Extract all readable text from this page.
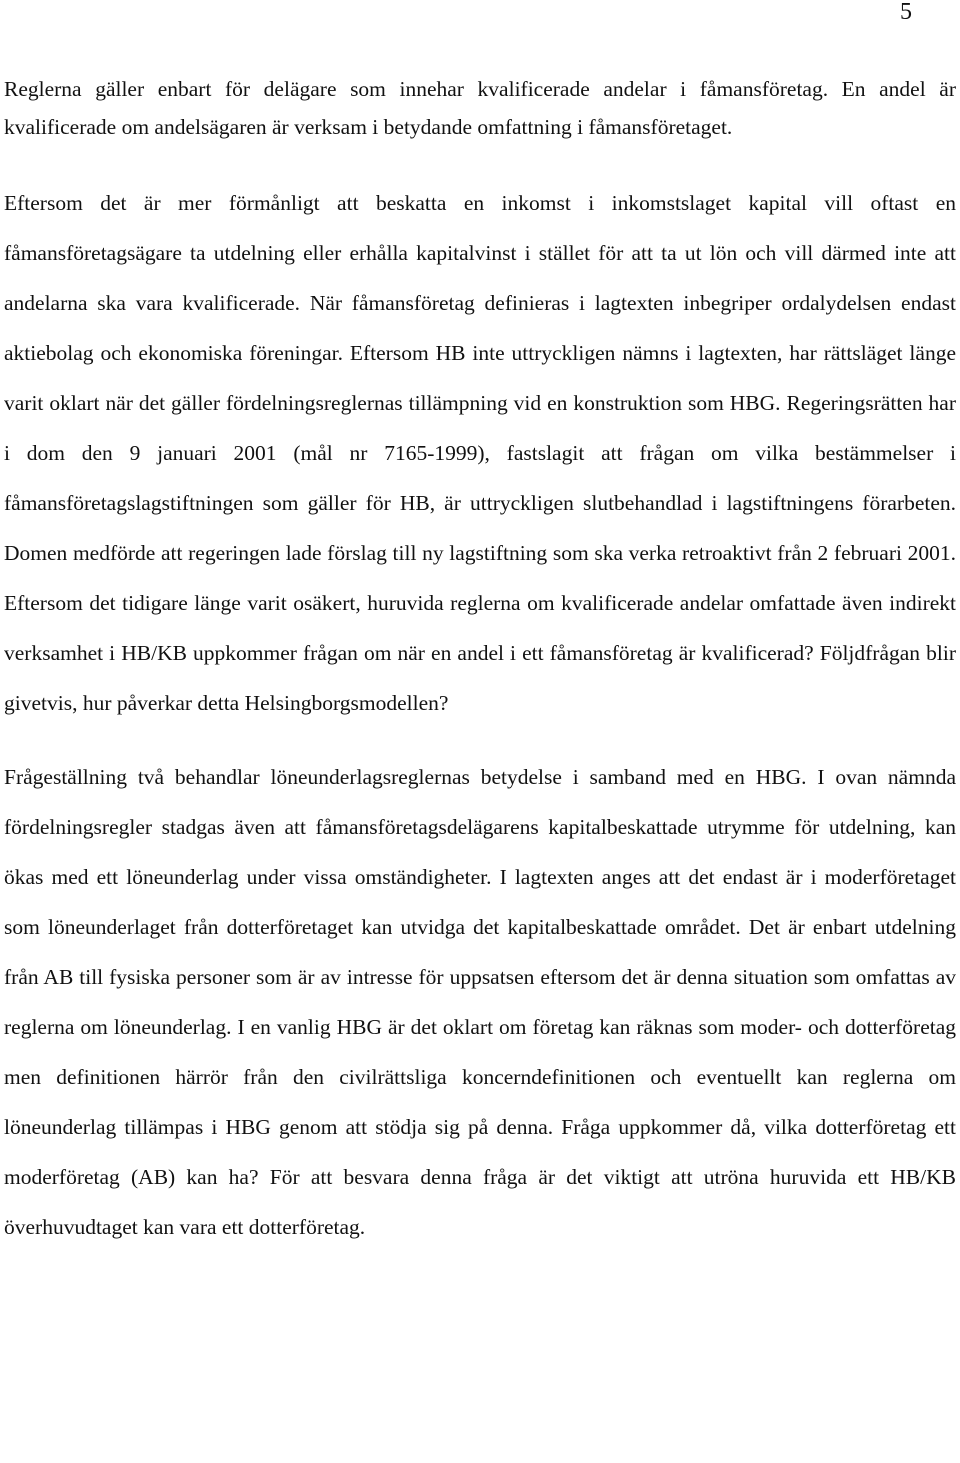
5

Reglerna gäller enbart för delägare som innehar kvalificerade andelar i fåmansföretag. En andel är kvalificerade om andelsägaren är verksam i betydande omfattning i fåmansföretaget.

Eftersom det är mer förmånligt att beskatta en inkomst i inkomstslaget kapital vill oftast en fåmansföretagsägare ta utdelning eller erhålla kapitalvinst i stället för att ta ut lön och vill därmed inte att andelarna ska vara kvalificerade. När fåmansföretag definieras i lagtexten inbegriper ordalydelsen endast aktiebolag och ekonomiska föreningar. Eftersom HB inte uttryckligen nämns i lagtexten, har rättsläget länge varit oklart när det gäller fördelningsreglernas tillämpning vid en konstruktion som HBG. Regeringsrätten har i dom den 9 januari 2001 (mål nr 7165-1999), fastslagit att frågan om vilka bestämmelser i fåmansföretagslagstiftningen som gäller för HB, är uttryckligen slutbehandlad i lagstiftningens förarbeten. Domen medförde att regeringen lade förslag till ny lagstiftning som ska verka retroaktivt från 2 februari 2001. Eftersom det tidigare länge varit osäkert, huruvida reglerna om kvalificerade andelar omfattade även indirekt verksamhet i HB/KB uppkommer frågan om när en andel i ett fåmansföretag är kvalificerad? Följdfrågan blir givetvis, hur påverkar detta Helsingborgsmodellen?

Frågeställning två behandlar löneunderlagsreglernas betydelse i samband med en HBG. I ovan nämnda fördelningsregler stadgas även att fåmansföretagsdelägarens kapitalbeskattade utrymme för utdelning, kan ökas med ett löneunderlag under vissa omständigheter. I lagtexten anges att det endast är i moderföretaget som löneunderlaget från dotterföretaget kan utvidga det kapitalbeskattade området. Det är enbart utdelning från AB till fysiska personer som är av intresse för uppsatsen eftersom det är denna situation som omfattas av reglerna om löneunderlag. I en vanlig HBG är det oklart om företag kan räknas som moder- och dotterföretag men definitionen härrör från den civilrättsliga koncerndefinitionen och eventuellt kan reglerna om löneunderlag tillämpas i HBG genom att stödja sig på denna. Fråga uppkommer då, vilka dotterföretag ett moderföretag (AB) kan ha? För att besvara denna fråga är det viktigt att utröna huruvida ett HB/KB överhuvudtaget kan vara ett dotterföretag.
